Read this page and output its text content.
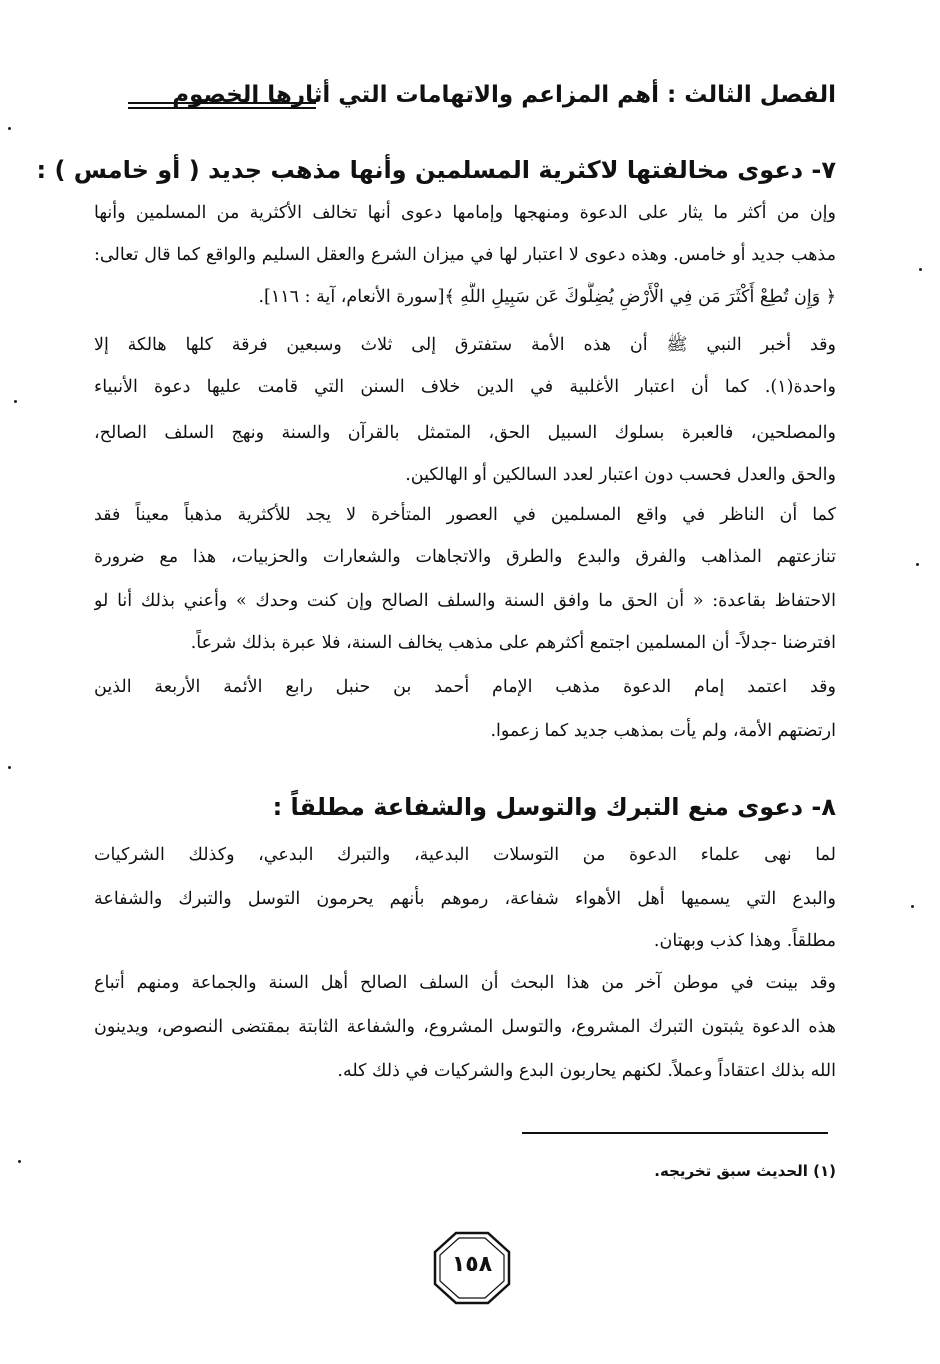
الفصل الثالث : أهم المزاعم والاتهامات التي أثارها الخصوم
٧- دعوى مخالفتها لاكثرية المسلمين وأنها مذهب جديد ( أو خامس ) :
وإن من أكثر ما يثار على الدعوة ومنهجها وإمامها دعوى أنها تخالف الأكثرية من المسلمين وأنها
مذهب جديد أو خامس. وهذه دعوى لا اعتبار لها في ميزان الشرع والعقل السليم والواقع كما قال تعالى:
﴿ وَإِن تُطِعْ أَكْثَرَ مَن فِي الْأَرْضِ يُضِلُّوكَ عَن سَبِيلِ اللَّهِ ﴾[سورة الأنعام، آية : ١١٦].
وقد أخبر النبي ﷺ أن هذه الأمة ستفترق إلى ثلاث وسبعين فرقة كلها هالكة إلا
واحدة(١). كما أن اعتبار الأغلبية في الدين خلاف السنن التي قامت عليها دعوة الأنبياء
والمصلحين، فالعبرة بسلوك السبيل الحق، المتمثل بالقرآن والسنة ونهج السلف الصالح،
والحق والعدل فحسب دون اعتبار لعدد السالكين أو الهالكين.
كما أن الناظر في واقع المسلمين في العصور المتأخرة لا يجد للأكثرية مذهباً معيناً فقد
تنازعتهم المذاهب والفرق والبدع والطرق والاتجاهات والشعارات والحزبيات، هذا مع ضرورة
الاحتفاظ بقاعدة: « أن الحق ما وافق السنة والسلف الصالح وإن كنت وحدك » وأعني بذلك أنا لو
افترضنا -جدلاً- أن المسلمين اجتمع أكثرهم على مذهب يخالف السنة، فلا عبرة بذلك شرعاً.
وقد اعتمد إمام الدعوة مذهب الإمام أحمد بن حنبل رابع الأئمة الأربعة الذين
ارتضتهم الأمة، ولم يأت بمذهب جديد كما زعموا.
٨- دعوى منع التبرك والتوسل والشفاعة مطلقاً :
لما نهى علماء الدعوة من التوسلات البدعية، والتبرك البدعي، وكذلك الشركيات
والبدع التي يسميها أهل الأهواء شفاعة، رموهم بأنهم يحرمون التوسل والتبرك والشفاعة
مطلقاً. وهذا كذب وبهتان.
وقد بينت في موطن آخر من هذا البحث أن السلف الصالح أهل السنة والجماعة ومنهم أتباع
هذه الدعوة يثبتون التبرك المشروع، والتوسل المشروع، والشفاعة الثابتة بمقتضى النصوص، ويدينون
الله بذلك اعتقاداً وعملاً. لكنهم يحاربون البدع والشركيات في ذلك كله.
(١) الحديث سبق تخريجه.
١٥٨
